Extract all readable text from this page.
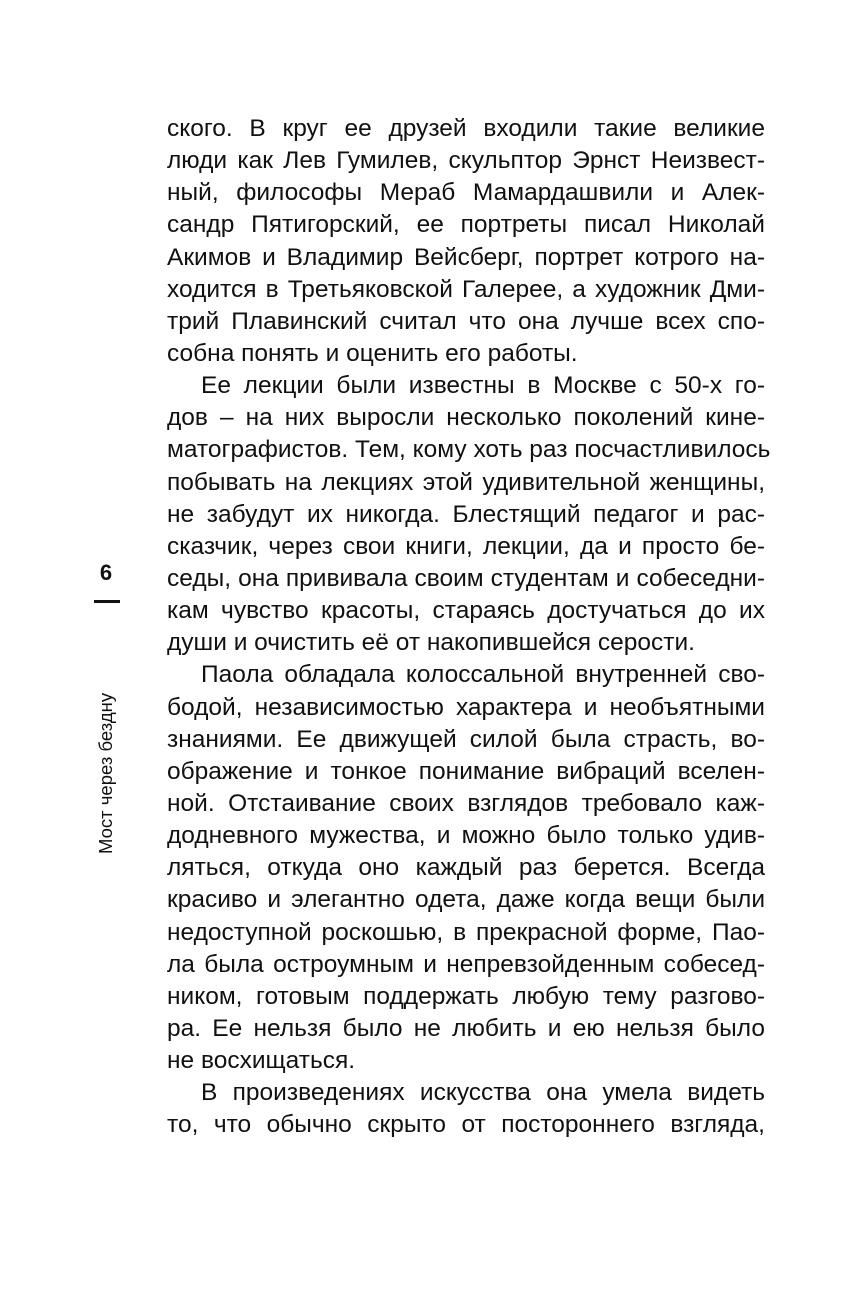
6
Мост через бездну
ского. В круг ее друзей входили такие великие
люди как Лев Гумилев, скульптор Эрнст Неизвест-
ный, философы Мераб Мамардашвили и Алек-
сандр Пятигорский, ее портреты писал Николай
Акимов и Владимир Вейсберг, портрет котрого на-
ходится в Третьяковской Галерее, а художник Дми-
трий Плавинский считал что она лучше всех спо-
собна понять и оценить его работы.
Ее лекции были известны в Москве с 50-х го-
дов – на них выросли несколько поколений кине-
матографистов. Тем, кому хоть раз посчастливилось
побывать на лекциях этой удивительной женщины,
не забудут их никогда. Блестящий педагог и рас-
сказчик, через свои книги, лекции, да и просто бе-
седы, она прививала своим студентам и собеседни-
кам чувство красоты, стараясь достучаться до их
души и очистить её от накопившейся серости.
Паола обладала колоссальной внутренней сво-
бодой, независимостью характера и необъятными
знаниями. Ее движущей силой была страсть, во-
ображение и тонкое понимание вибраций вселен-
ной. Отстаивание своих взглядов требовало каж-
додневного мужества, и можно было только удив-
ляться, откуда оно каждый раз берется. Всегда
красиво и элегантно одета, даже когда вещи были
недоступной роскошью, в прекрасной форме, Пао-
ла была остроумным и непревзойденным собесед-
ником, готовым поддержать любую тему разгово-
ра. Ее нельзя было не любить и ею нельзя было
не восхищаться.
В произведениях искусства она умела видеть
то, что обычно скрыто от постороннего взгляда,
